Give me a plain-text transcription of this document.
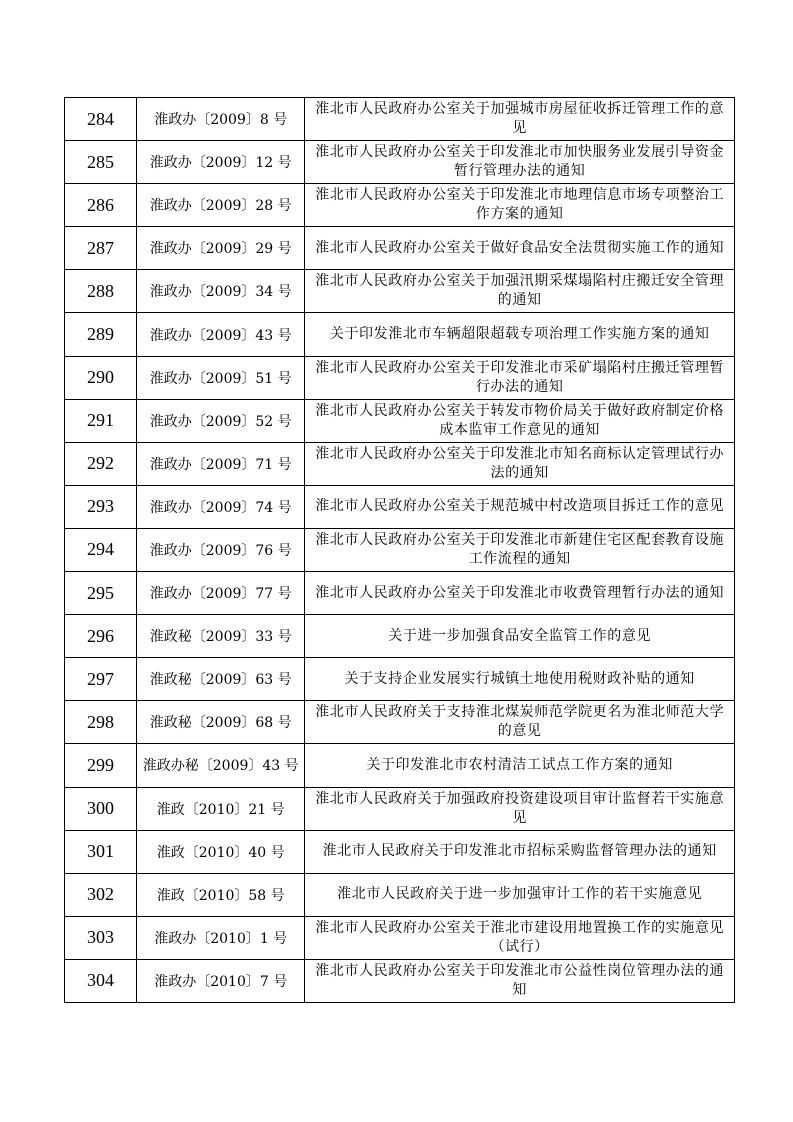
284	淮政办〔2009〕8 号	淮北市人民政府办公室关于加强城市房屋征收拆迁管理工作的意见
285	淮政办〔2009〕12 号	淮北市人民政府办公室关于印发淮北市加快服务业发展引导资金暂行管理办法的通知
286	淮政办〔2009〕28 号	淮北市人民政府办公室关于印发淮北市地理信息市场专项整治工作方案的通知
287	淮政办〔2009〕29 号	淮北市人民政府办公室关于做好食品安全法贯彻实施工作的通知
288	淮政办〔2009〕34 号	淮北市人民政府办公室关于加强汛期采煤塌陷村庄搬迁安全管理的通知
289	淮政办〔2009〕43 号	关于印发淮北市车辆超限超载专项治理工作实施方案的通知
290	淮政办〔2009〕51 号	淮北市人民政府办公室关于印发淮北市采矿塌陷村庄搬迁管理暂行办法的通知
291	淮政办〔2009〕52 号	淮北市人民政府办公室关于转发市物价局关于做好政府制定价格成本监审工作意见的通知
292	淮政办〔2009〕71 号	淮北市人民政府办公室关于印发淮北市知名商标认定管理试行办法的通知
293	淮政办〔2009〕74 号	淮北市人民政府办公室关于规范城中村改造项目拆迁工作的意见
294	淮政办〔2009〕76 号	淮北市人民政府办公室关于印发淮北市新建住宅区配套教育设施工作流程的通知
295	淮政办〔2009〕77 号	淮北市人民政府办公室关于印发淮北市收费管理暂行办法的通知
296	淮政秘〔2009〕33 号	关于进一步加强食品安全监管工作的意见
297	淮政秘〔2009〕63 号	关于支持企业发展实行城镇土地使用税财政补贴的通知
298	淮政秘〔2009〕68 号	淮北市人民政府关于支持淮北煤炭师范学院更名为淮北师范大学的意见
299	淮政办秘〔2009〕43 号	关于印发淮北市农村清洁工试点工作方案的通知
300	淮政〔2010〕21 号	淮北市人民政府关于加强政府投资建设项目审计监督若干实施意见
301	淮政〔2010〕40 号	淮北市人民政府关于印发淮北市招标采购监督管理办法的通知
302	淮政〔2010〕58 号	淮北市人民政府关于进一步加强审计工作的若干实施意见
303	淮政办〔2010〕1 号	淮北市人民政府办公室关于淮北市建设用地置换工作的实施意见（试行）
304	淮政办〔2010〕7 号	淮北市人民政府办公室关于印发淮北市公益性岗位管理办法的通知
